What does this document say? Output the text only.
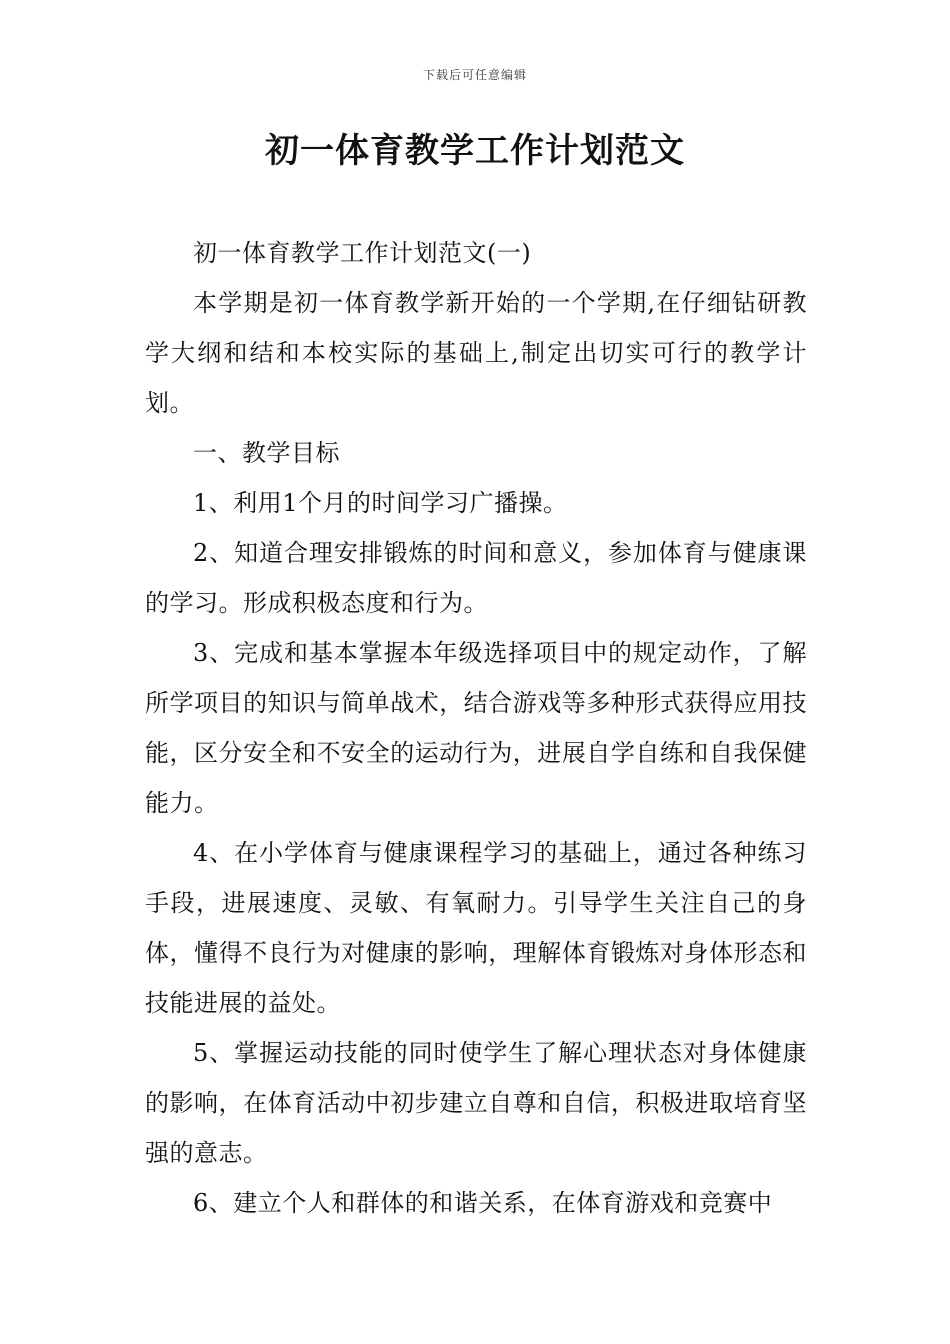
下载后可任意编辑
初一体育教学工作计划范文

初一体育教学工作计划范文(一)

本学期是初一体育教学新开始的一个学期,在仔细钻研教学大纲和结和本校实际的基础上,制定出切实可行的教学计划。

一、教学目标

1、利用1个月的时间学习广播操。

2、知道合理安排锻炼的时间和意义，参加体育与健康课的学习。形成积极态度和行为。

3、完成和基本掌握本年级选择项目中的规定动作，了解所学项目的知识与简单战术，结合游戏等多种形式获得应用技能，区分安全和不安全的运动行为，进展自学自练和自我保健能力。

4、在小学体育与健康课程学习的基础上，通过各种练习手段，进展速度、灵敏、有氧耐力。引导学生关注自己的身体，懂得不良行为对健康的影响，理解体育锻炼对身体形态和技能进展的益处。

5、掌握运动技能的同时使学生了解心理状态对身体健康的影响，在体育活动中初步建立自尊和自信，积极进取培育坚强的意志。

6、建立个人和群体的和谐关系，在体育游戏和竞赛中
